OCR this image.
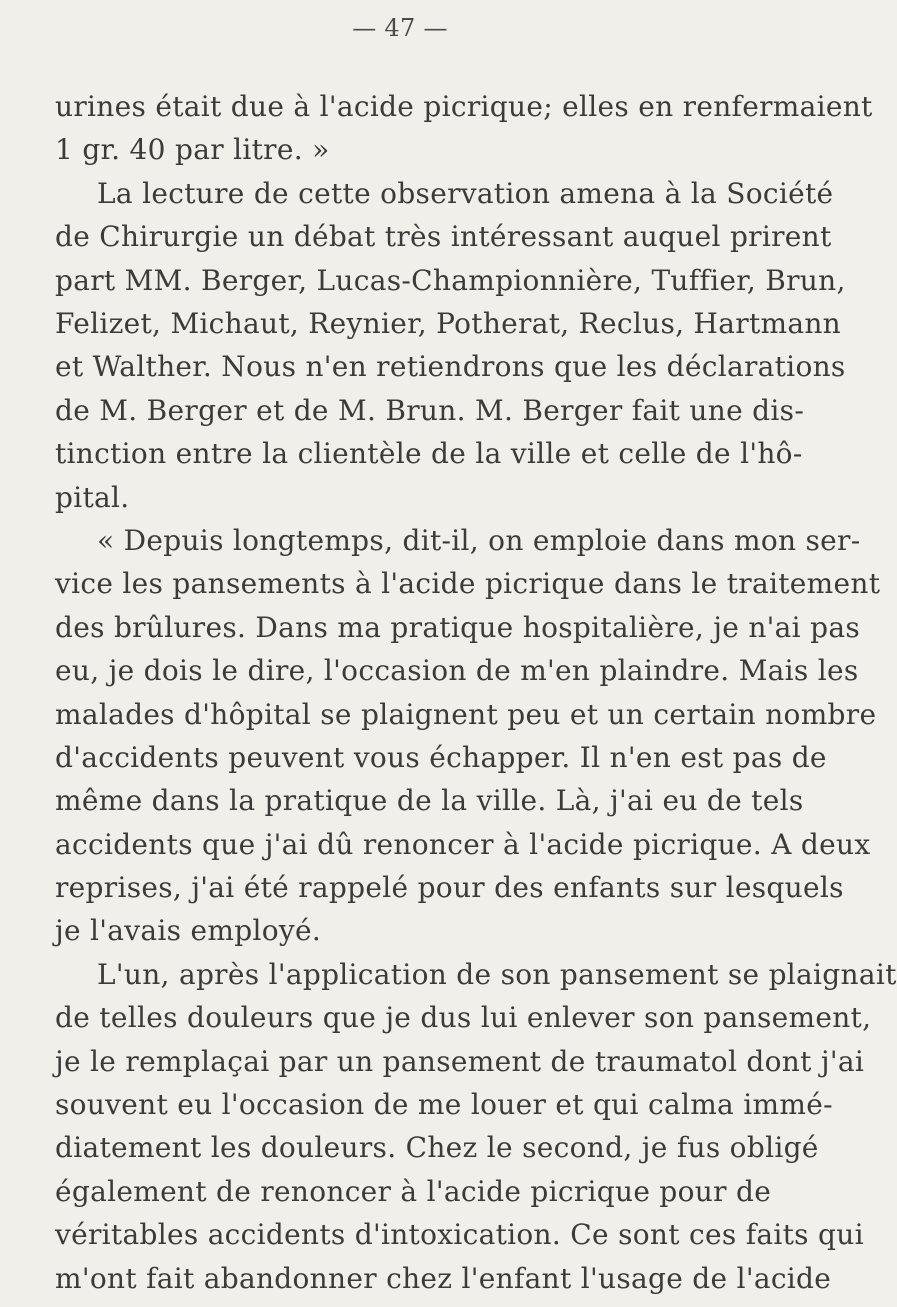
— 47 —
urines était due à l'acide picrique; elles en renfermaient
1 gr. 40 par litre. »
La lecture de cette observation amena à la Société
de Chirurgie un débat très intéressant auquel prirent
part MM. Berger, Lucas-Championnière, Tuffier, Brun,
Felizet, Michaut, Reynier, Potherat, Reclus, Hartmann
et Walther. Nous n'en retiendrons que les déclarations
de M. Berger et de M. Brun. M. Berger fait une dis-
tinction entre la clientèle de la ville et celle de l'hô-
pital.
« Depuis longtemps, dit-il, on emploie dans mon ser-
vice les pansements à l'acide picrique dans le traitement
des brûlures. Dans ma pratique hospitalière, je n'ai pas
eu, je dois le dire, l'occasion de m'en plaindre. Mais les
malades d'hôpital se plaignent peu et un certain nombre
d'accidents peuvent vous échapper. Il n'en est pas de
même dans la pratique de la ville. Là, j'ai eu de tels
accidents que j'ai dû renoncer à l'acide picrique. A deux
reprises, j'ai été rappelé pour des enfants sur lesquels
je l'avais employé.
L'un, après l'application de son pansement se plaignait
de telles douleurs que je dus lui enlever son pansement,
je le remplaçai par un pansement de traumatol dont j'ai
souvent eu l'occasion de me louer et qui calma immé-
diatement les douleurs. Chez le second, je fus obligé
également de renoncer à l'acide picrique pour de
véritables accidents d'intoxication. Ce sont ces faits qui
m'ont fait abandonner chez l'enfant l'usage de l'acide
